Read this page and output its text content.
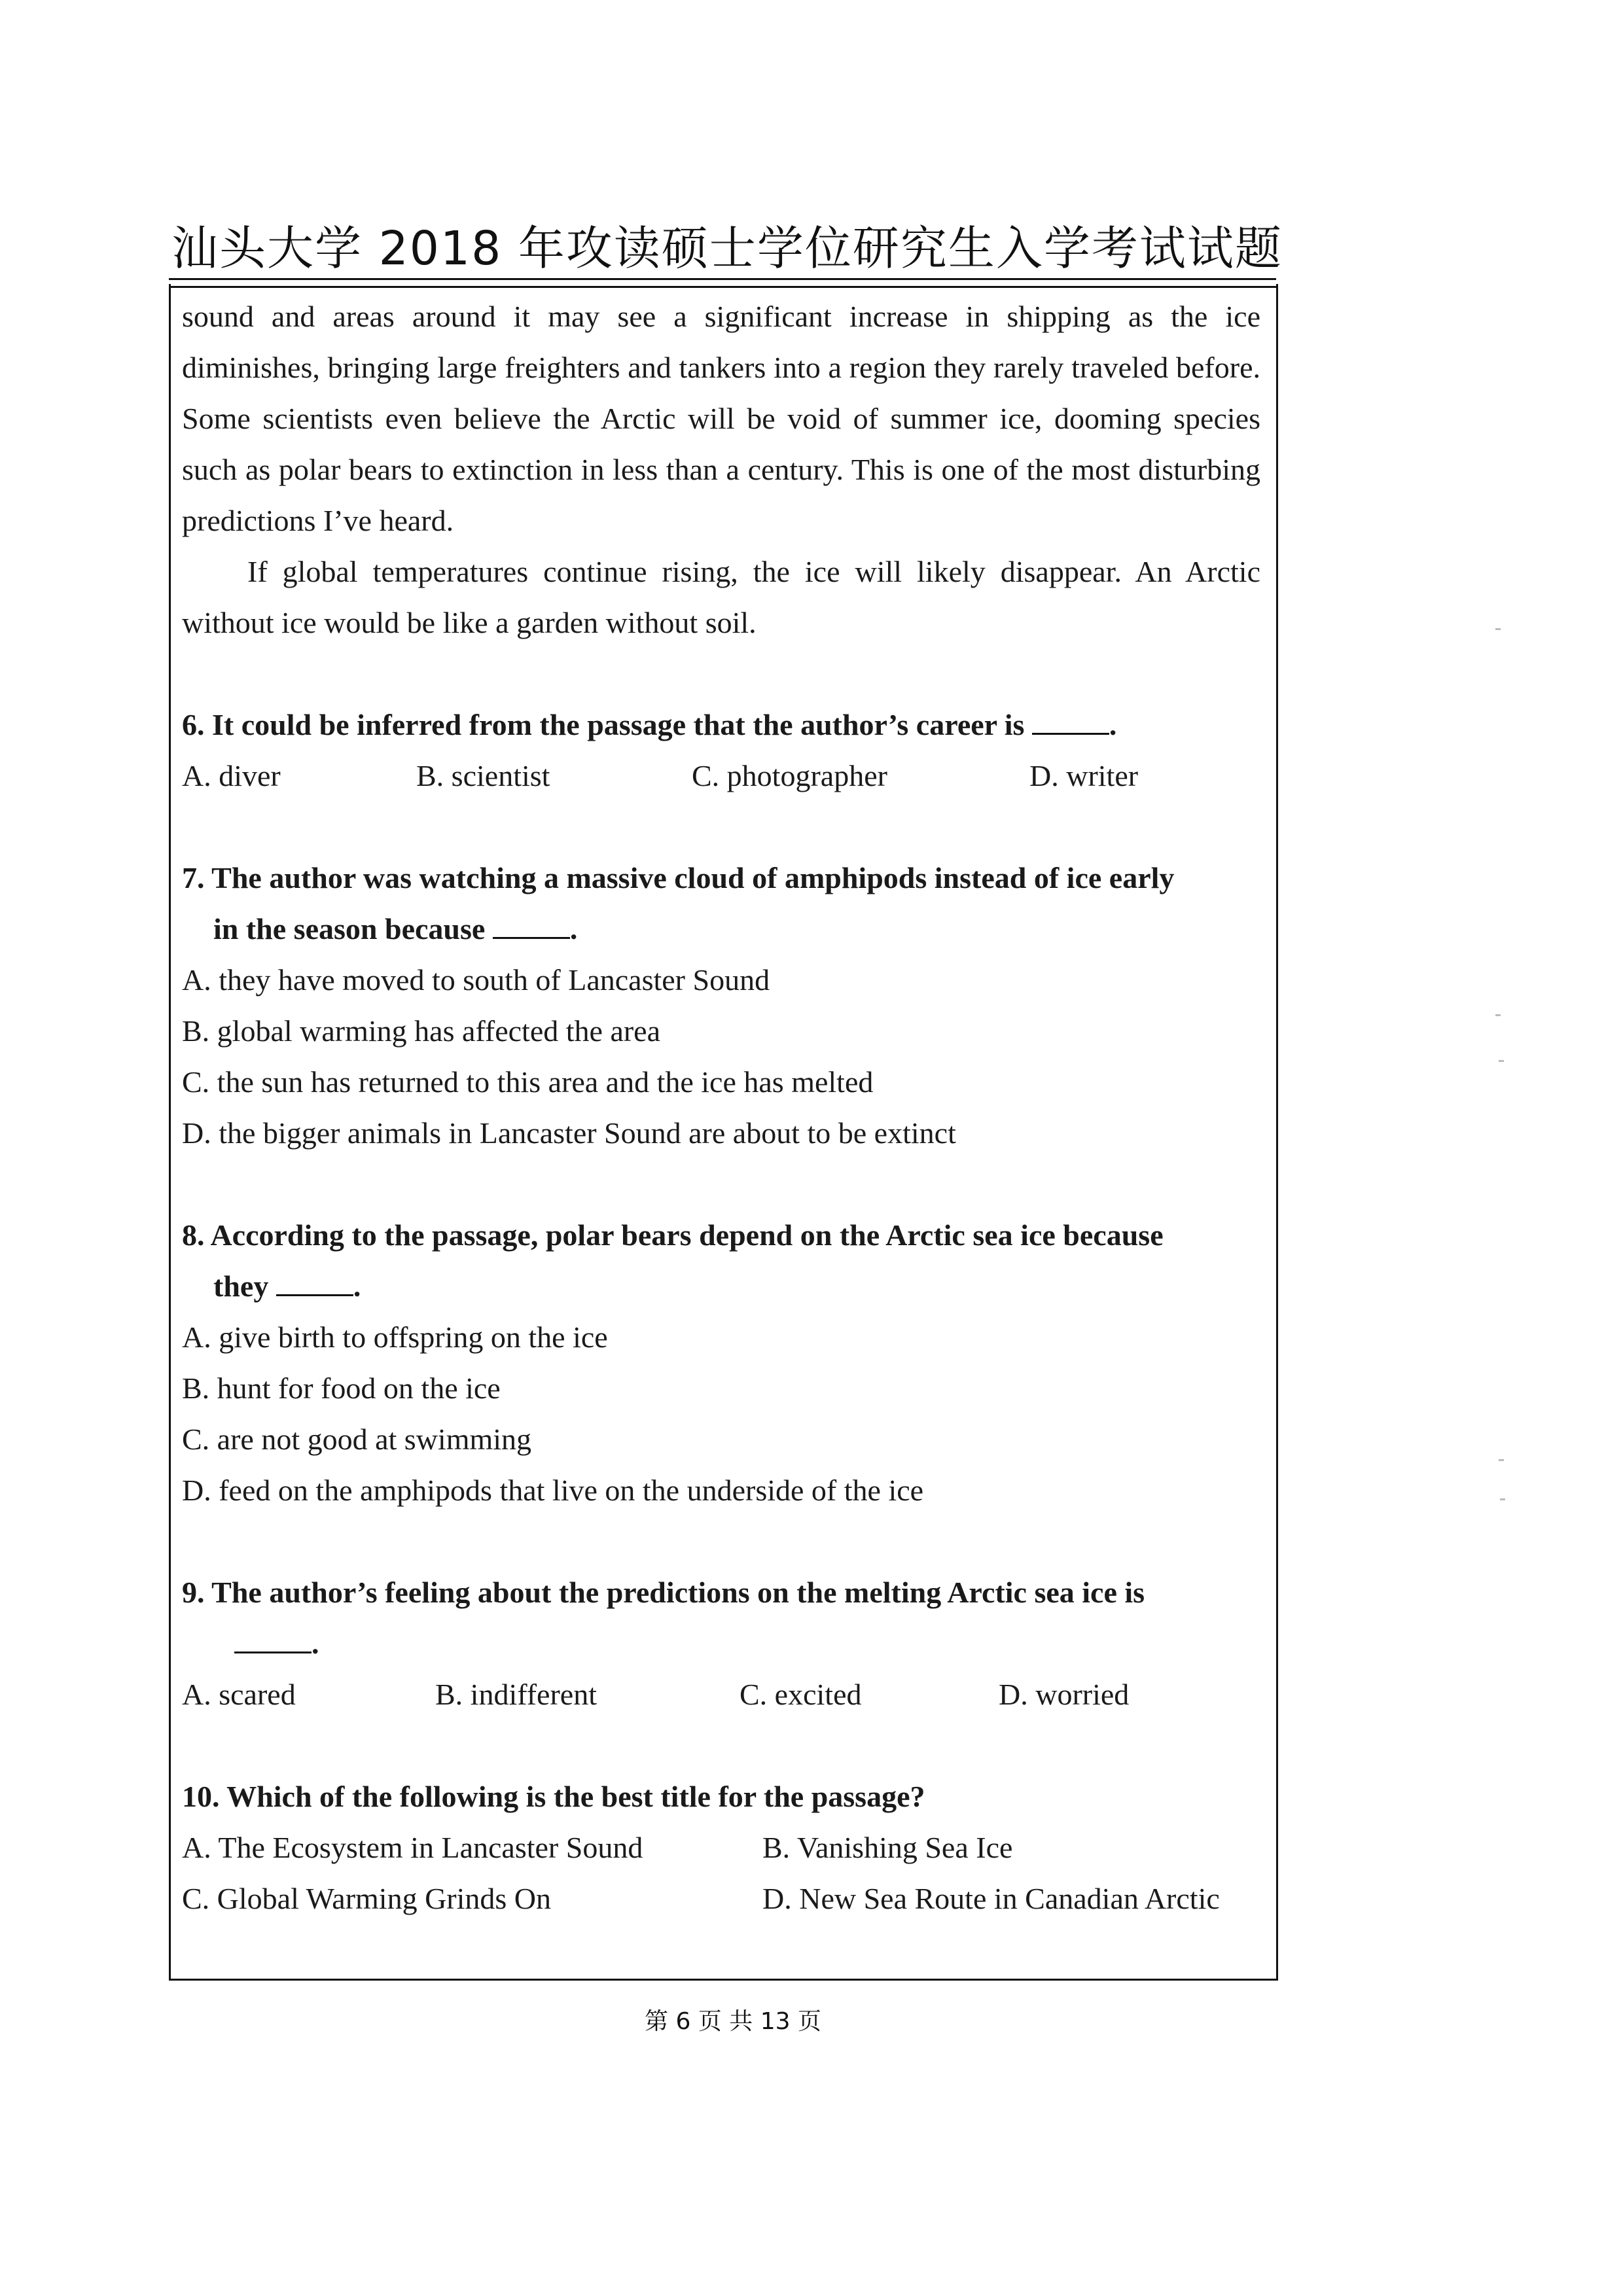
汕头大学 2018 年攻读硕士学位研究生入学考试试题

sound and areas around it may see a significant increase in shipping as the ice diminishes, bringing large freighters and tankers into a region they rarely traveled before. Some scientists even believe the Arctic will be void of summer ice, dooming species such as polar bears to extinction in less than a century. This is one of the most disturbing predictions I’ve heard.

If global temperatures continue rising, the ice will likely disappear. An Arctic without ice would be like a garden without soil.

6. It could be inferred from the passage that the author’s career is	.

A. diver	B. scientist	C. photographer	D. writer

7. The author was watching a massive cloud of amphipods instead of ice early

in the season because	.

A. they have moved to south of Lancaster Sound

B. global warming has affected the area

C. the sun has returned to this area and the ice has melted

D. the bigger animals in Lancaster Sound are about to be extinct

8. According to the passage, polar bears depend on the Arctic sea ice because

they	.

A. give birth to offspring on the ice

B. hunt for food on the ice

C. are not good at swimming

D. feed on the amphipods that live on the underside of the ice

9. The author’s feeling about the predictions on the melting Arctic sea ice is

.

A. scared	B. indifferent	C. excited	D. worried

10. Which of the following is the best title for the passage?

A. The Ecosystem in Lancaster Sound	B. Vanishing Sea Ice
C. Global Warming Grinds On	D. New Sea Route in Canadian Arctic
第 6 页 共 13 页
